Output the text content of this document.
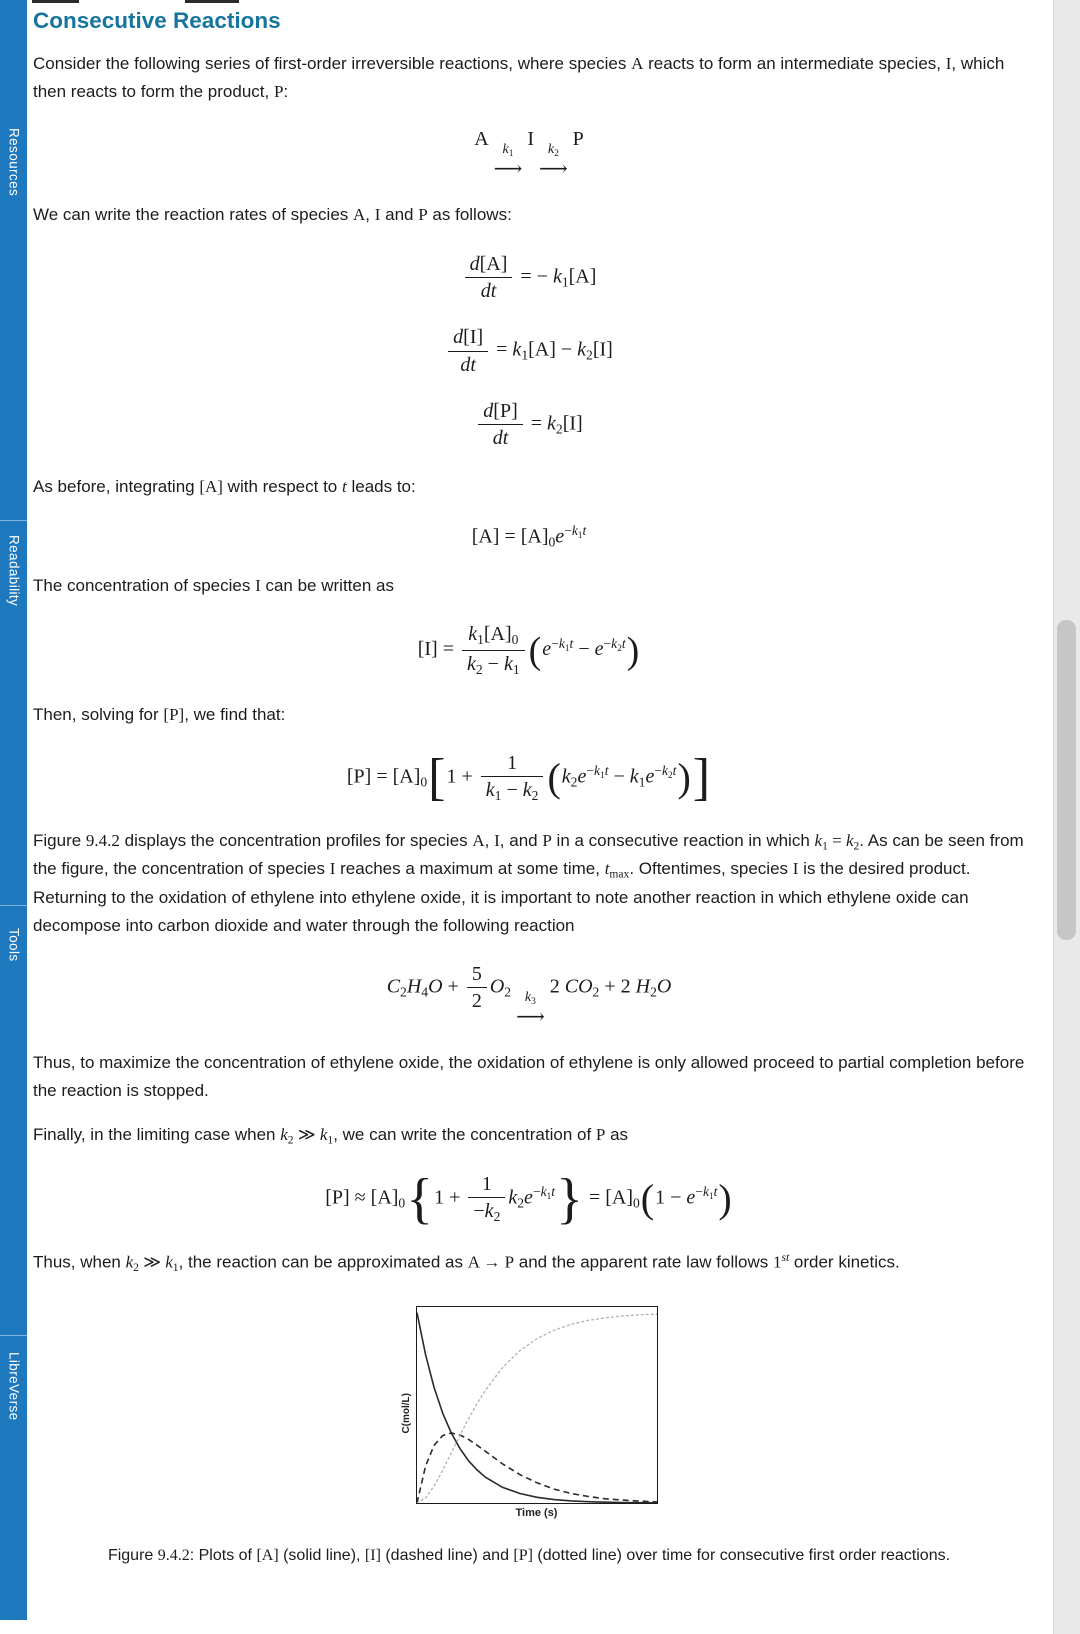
Resources
Readability
Tools
LibreVerse
Consecutive Reactions

Consider the following series of first-order irreversible reactions, where species A reacts to form an intermediate species, I, which then reacts to form the product, P:

A $k_1$
⟶
I $k_2$
⟶
P

We can write the reaction rates of species A, I and P as follows:

$\frac{d[A]}{dt}$ = − $k_1[A]$
$\frac{d[I]}{dt} = k_1[A] - k_2[I]$
$\frac{d[P]}{dt} = k_2[I]$

As before, integrating [A] with respect to t leads to:

$[A] = [A]_0e^{-k_1t}$

The concentration of species I can be written as

$[I] = \frac{k_1[A]_0}{k_2 - k_1} (e^{-k_1t} - e^{-k_2t})$

Then, solving for [P], we find that:

$[P] = [A]_0[1 + \frac{1}{k_1 - k_2} (k_2e^{-k_1t} - k_1e^{-k_2t})]$

Figure 9.4.2 displays the concentration profiles for species A, I, and P in a consecutive reaction in which $k_1 = k_2$. As can be seen from the figure, the concentration of species I reaches a maximum at some time, $t_{max}$. Oftentimes, species I is the desired product. Returning to the oxidation of ethylene into ethylene oxide, it is important to note another reaction in which ethylene oxide can decompose into carbon dioxide and water through the following reaction

$C_2H_4O + \frac{5}{2} O_2$ $k_3$
⟶
2 $CO_2 + 2$ $H_2O$

Thus, to maximize the concentration of ethylene oxide, the oxidation of ethylene is only allowed proceed to partial completion before the reaction is stopped.

Finally, in the limiting case when $k_2$ ≫ $k_1$, we can write the concentration of P as

$[P] \approx [A]_0\{1 + \frac{1}{-k_2} k_2e^{-k_1t}\} = [A]_0(1 - e^{-k_1t})$

Thus, when $k_2$ ≫ $k_1$, the reaction can be approximated as A → P and the apparent rate law follows 1st order kinetics.

C(mol/L)
Time (s)
Figure 9.4.2: Plots of [A] (solid line), [I] (dashed line) and [P] (dotted line) over time for consecutive first order reactions.
